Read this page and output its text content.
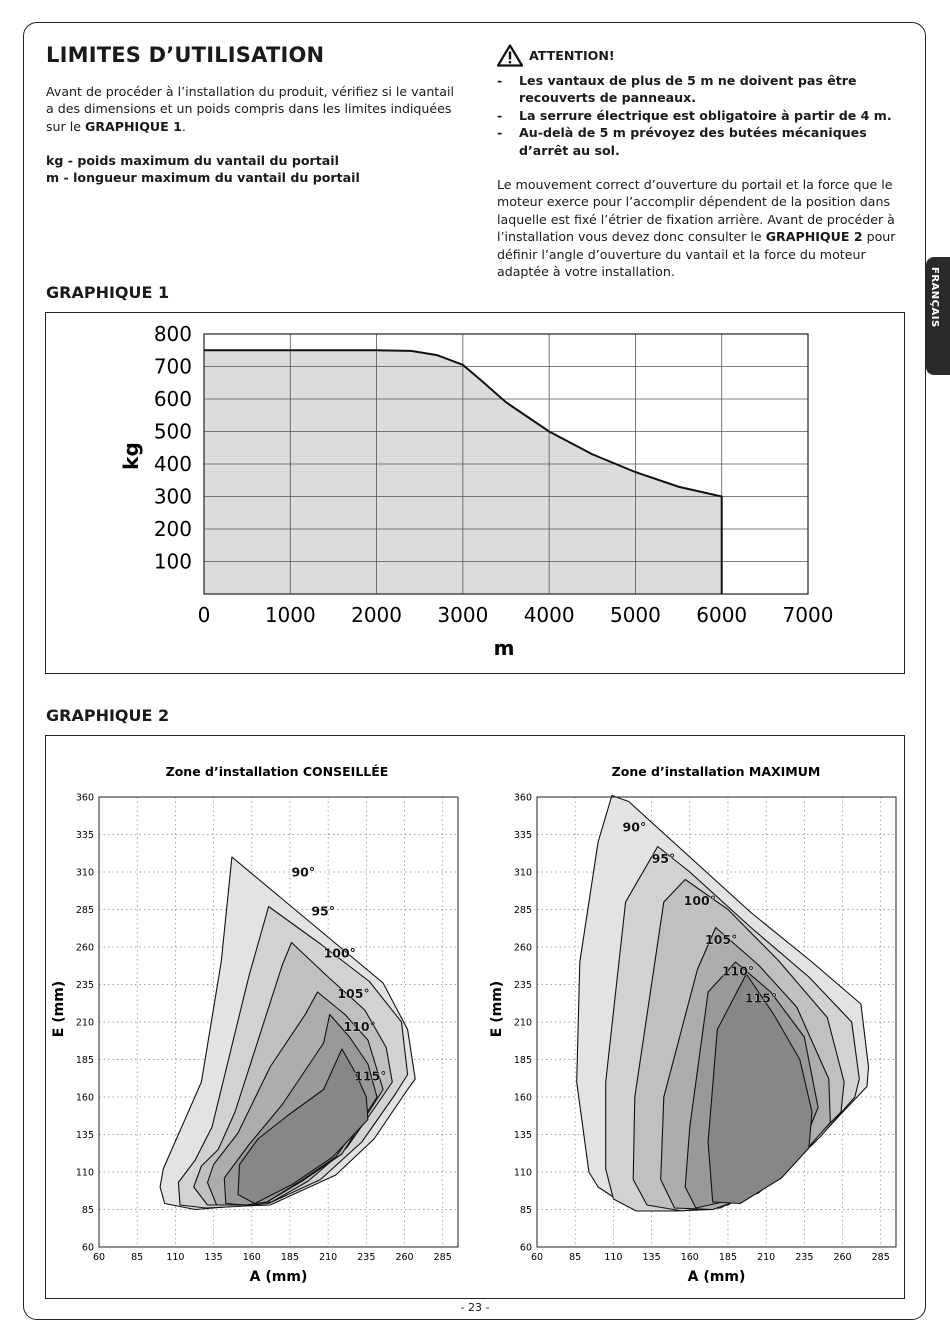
FRANÇAIS
LIMITES D’UTILISATION

Avant de procéder à l’installation du produit, vérifiez si le vantail a des dimensions et un poids compris dans les limites indiquées sur le GRAPHIQUE 1.

kg - poids maximum du vantail du portail
m - longueur maximum du vantail du portail
ATTENTION!
-	Les vantaux de plus de 5 m ne doivent pas être recouverts de panneaux.
-	La serrure électrique est obligatoire à partir de 4 m.
-	Au-delà de 5 m prévoyez des butées mécaniques d’arrêt au sol.

Le mouvement correct d’ouverture du portail et la force que le moteur exerce pour l’accomplir dépendent de la position dans laquelle est fixé l’étrier de fixation arrière. Avant de procéder à l’installation vous devez donc consulter le GRAPHIQUE 2 pour définir l’angle d’ouverture du vantail et la force du moteur adaptée à votre installation.

GRAPHIQUE 1
0	1000 2000 3000 4000 5000 6000 7000
100
200
300
400
500
600
700
800
m
kg
GRAPHIQUE 2
90°
95°
100°
105°
110°
115°
60	85 110 135 160 185 210 235 260 285
60
85
110
135
160
185
210
235
260
285
310
335
360
Zone d’installation CONSEILLÉE
A (mm)
E (mm)
90°
95°
100°
105°
110°
115°
60	85 110 135 160 185 210 235 260 285
60
85
110
135
160
185
210
235
260
285
310
335
360
Zone d’installation MAXIMUM
A (mm)
E (mm)
- 23 -
